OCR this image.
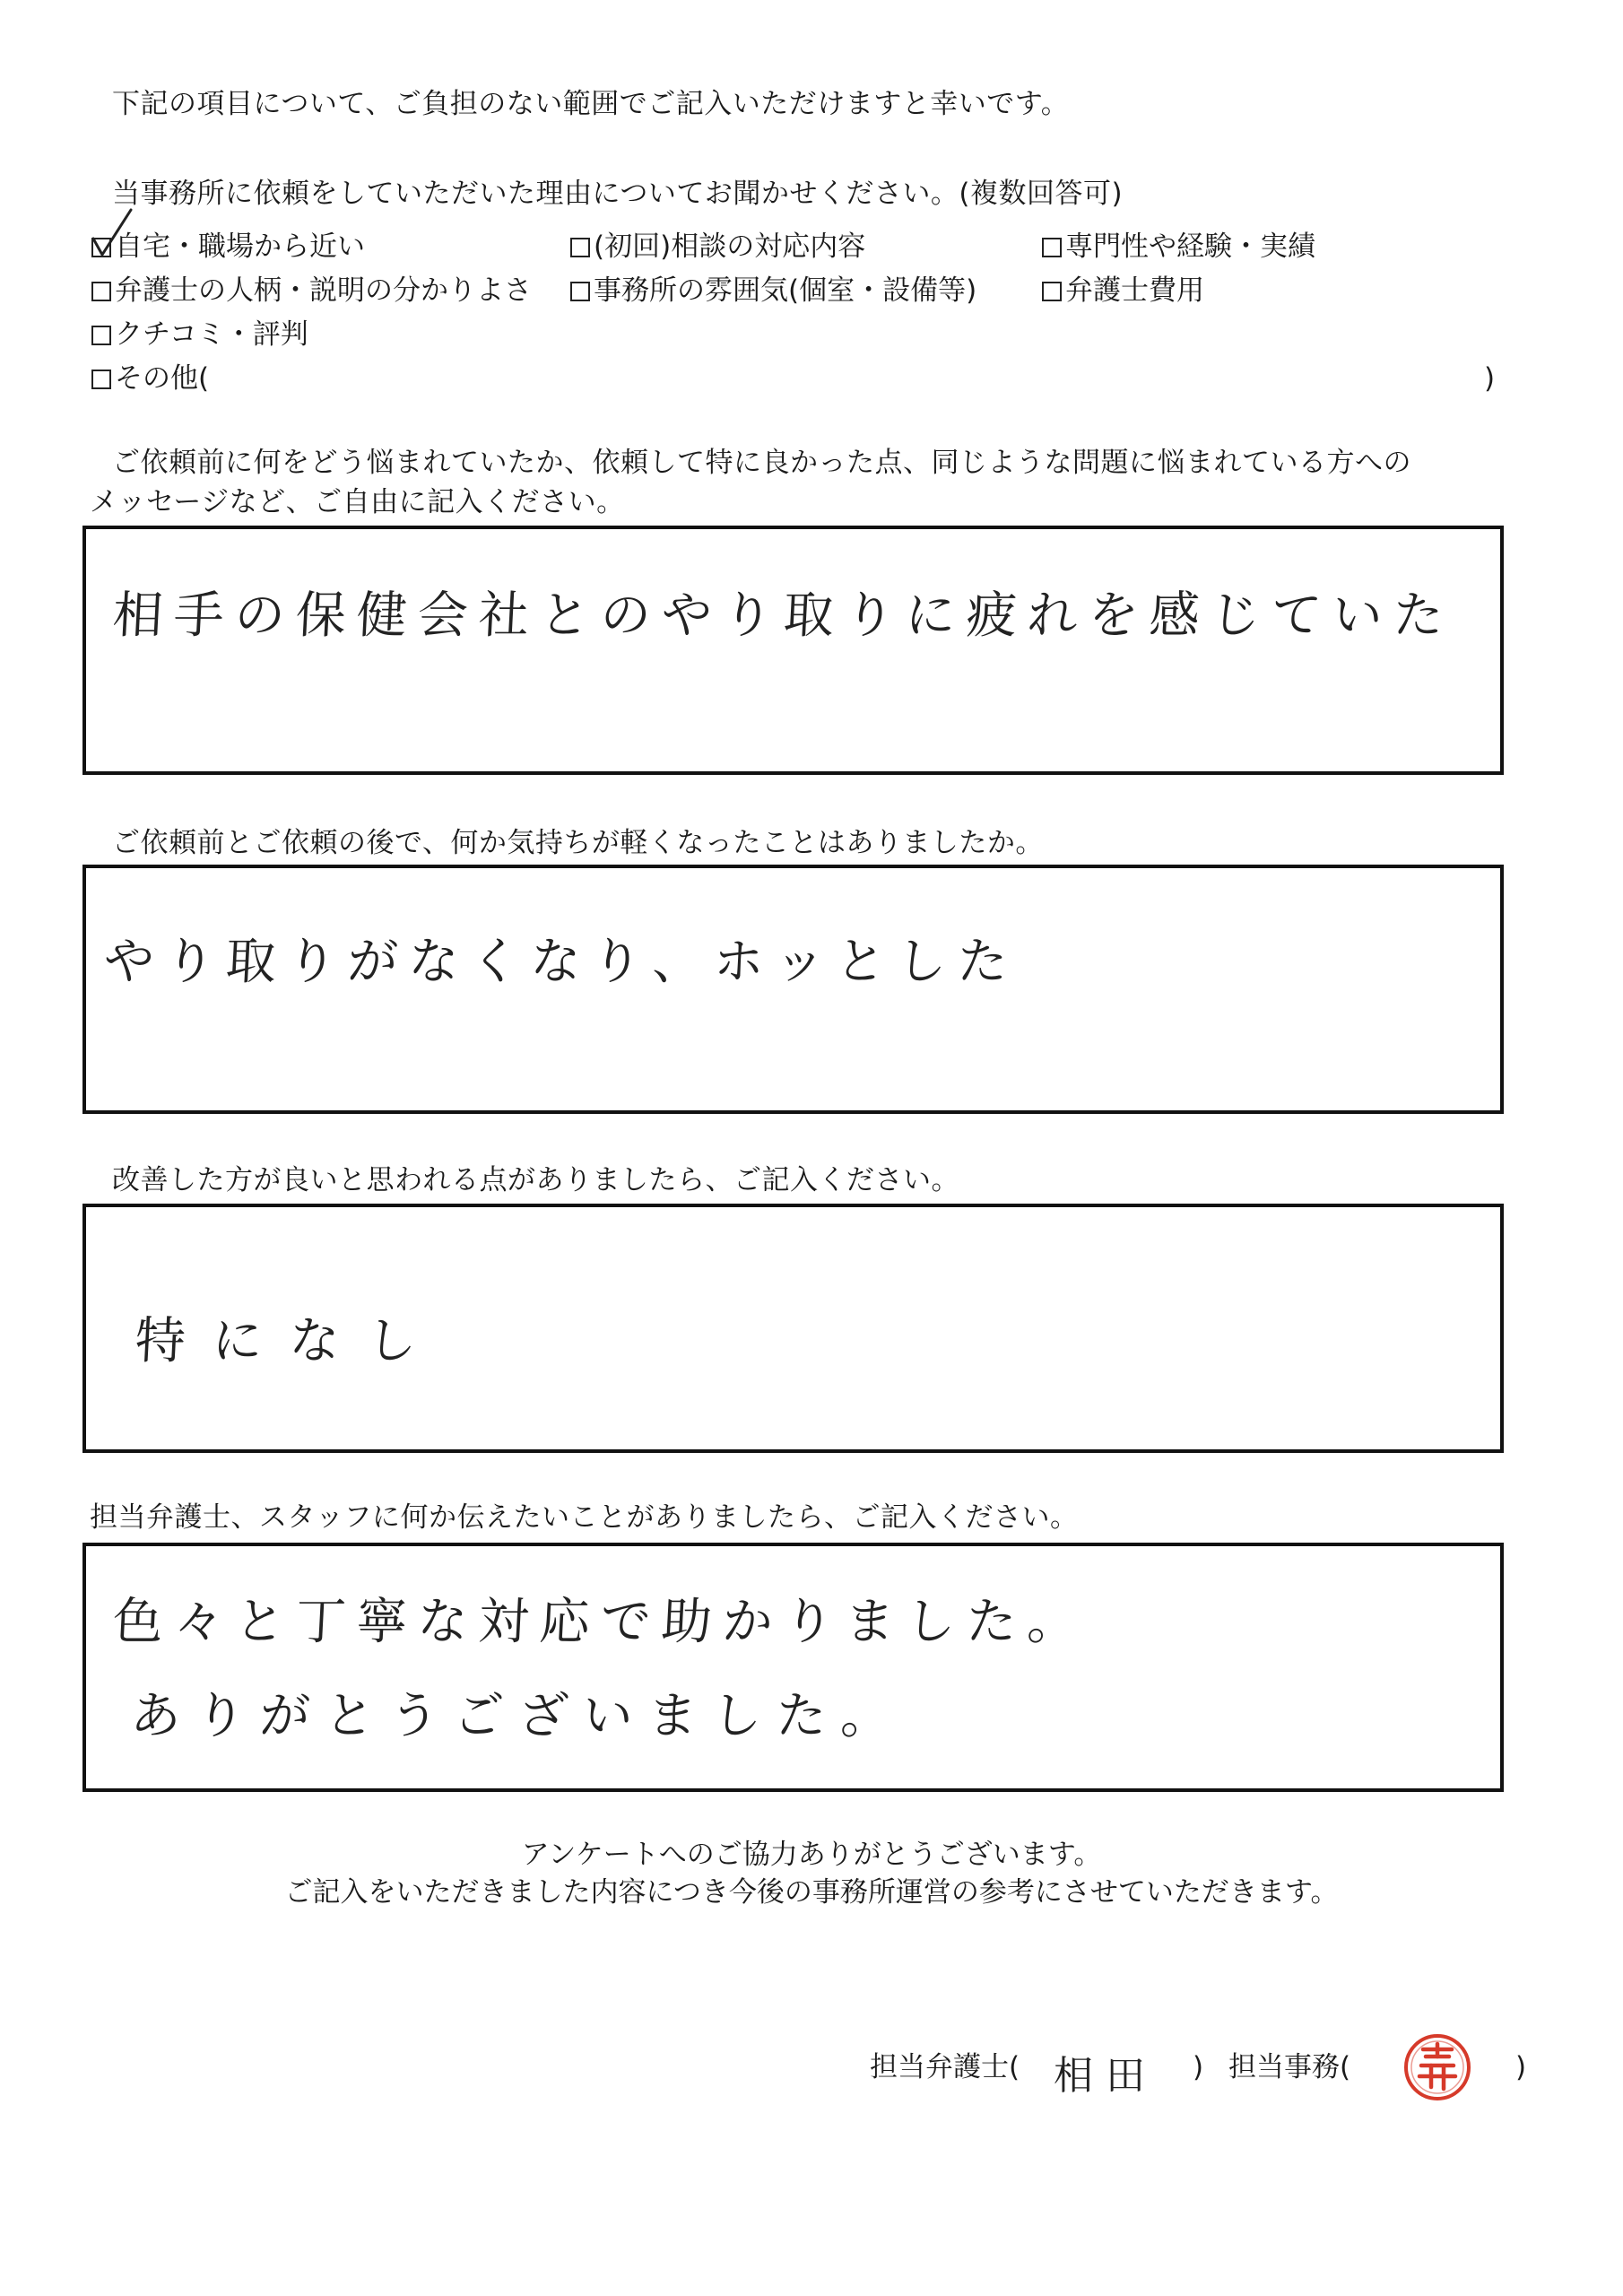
下記の項目について、ご負担のない範囲でご記入いただけますと幸いです。
当事務所に依頼をしていただいた理由についてお聞かせください。(複数回答可)
自宅・職場から近い	(初回)相談の対応内容	専門性や経験・実績
弁護士の人柄・説明の分かりよさ	事務所の雰囲気(個室・設備等)	弁護士費用
クチコミ・評判
その他(	)
ご依頼前に何をどう悩まれていたか、依頼して特に良かった点、同じような問題に悩まれている方への
メッセージなど、ご自由に記入ください。
相手の保健会社とのやり取りに疲れを感じていた
ご依頼前とご依頼の後で、何か気持ちが軽くなったことはありましたか。
やり取りがなくなり、ホッとした
改善した方が良いと思われる点がありましたら、ご記入ください。
特になし
担当弁護士、スタッフに何か伝えたいことがありましたら、ご記入ください。
色々と丁寧な対応で助かりました。
ありがとうございました。
アンケートへのご協力ありがとうございます。
ご記入をいただきました内容につき今後の事務所運営の参考にさせていただきます。
担当弁護士( 相田 ) 担当事務(	)
